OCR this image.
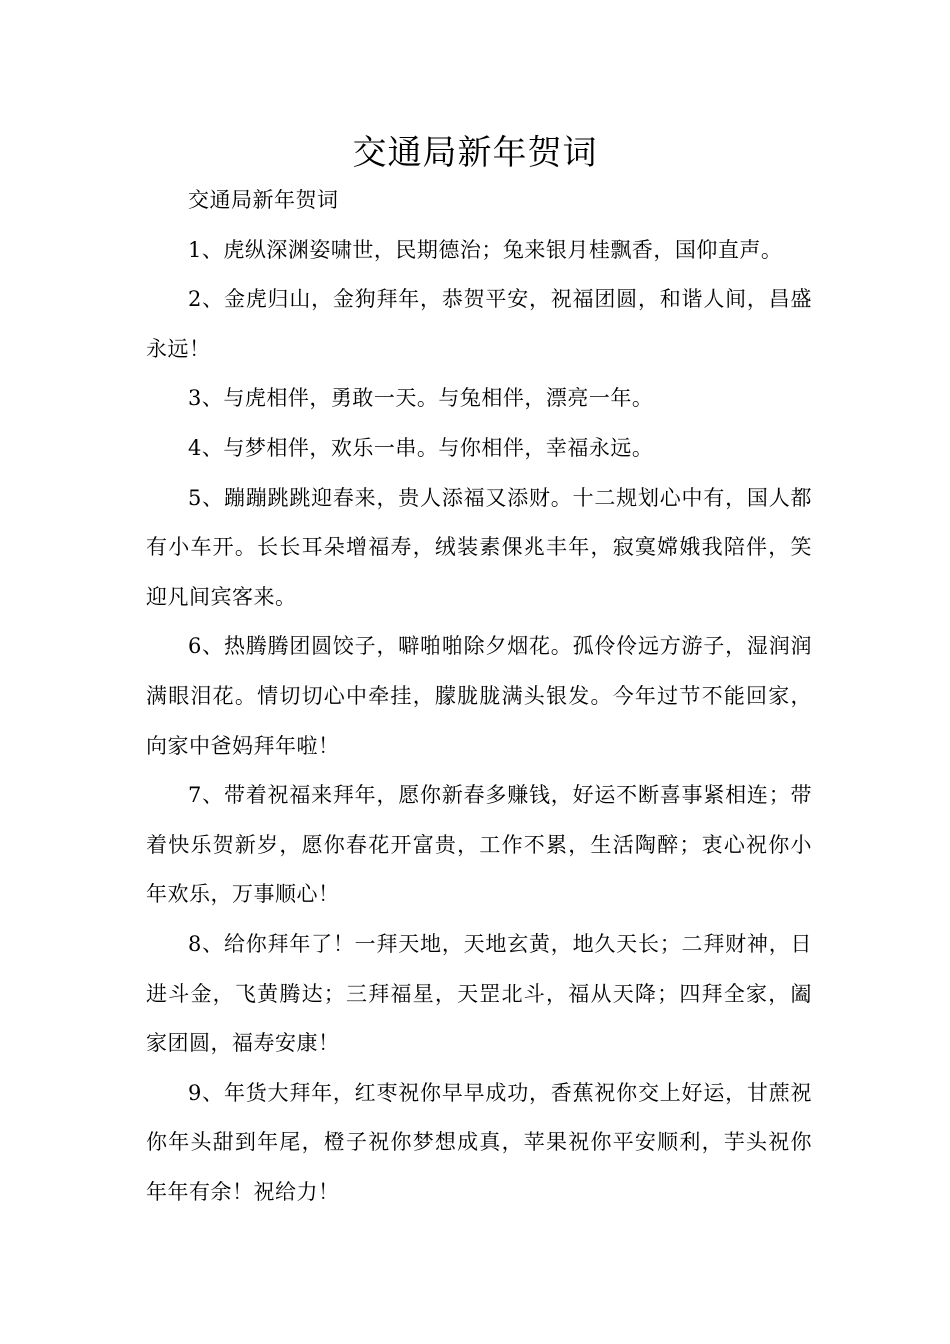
交通局新年贺词

交通局新年贺词

1、虎纵深渊姿啸世，民期德治；兔来银月桂飘香，国仰直声。

2、金虎归山，金狗拜年，恭贺平安，祝福团圆，和谐人间，昌盛永远！

3、与虎相伴，勇敢一天。与兔相伴，漂亮一年。

4、与梦相伴，欢乐一串。与你相伴，幸福永远。

5、蹦蹦跳跳迎春来，贵人添福又添财。十二规划心中有，国人都有小车开。长长耳朵增福寿，绒装素倮兆丰年，寂寞嫦娥我陪伴，笑迎凡间宾客来。

6、热腾腾团圆饺子，噼啪啪除夕烟花。孤伶伶远方游子，湿润润满眼泪花。情切切心中牵挂，朦胧胧满头银发。今年过节不能回家，向家中爸妈拜年啦！

7、带着祝福来拜年，愿你新春多赚钱，好运不断喜事紧相连；带着快乐贺新岁，愿你春花开富贵，工作不累，生活陶醉；衷心祝你小年欢乐，万事顺心！

8、给你拜年了！一拜天地，天地玄黄，地久天长；二拜财神，日进斗金，飞黄腾达；三拜福星，天罡北斗，福从天降；四拜全家，阖家团圆，福寿安康！

9、年货大拜年，红枣祝你早早成功，香蕉祝你交上好运，甘蔗祝你年头甜到年尾，橙子祝你梦想成真，苹果祝你平安顺利，芋头祝你年年有余！祝给力！
